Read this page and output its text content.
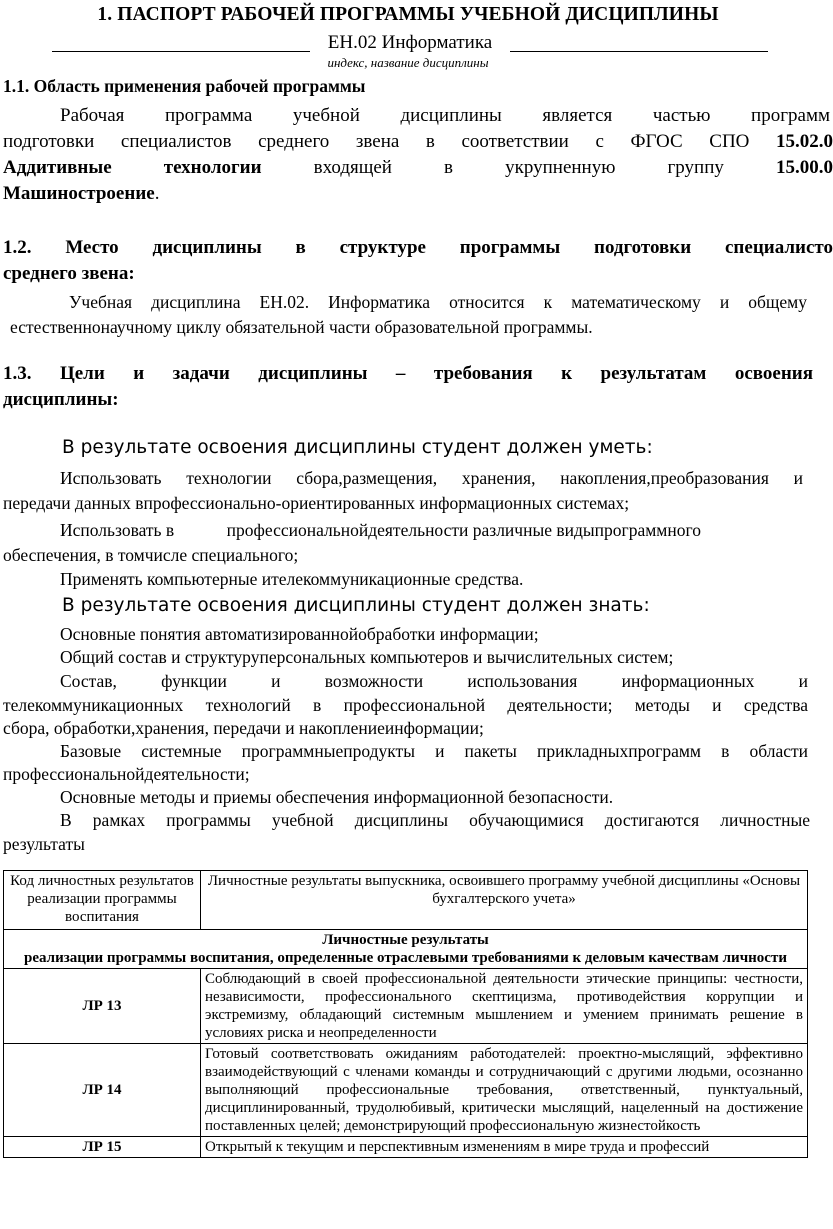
1. ПАСПОРТ РАБОЧЕЙ ПРОГРАММЫ УЧЕБНОЙ ДИСЦИПЛИНЫ
ЕН.02 Информатика
индекс, название дисциплины
1.1. Область применения рабочей программы
Рабочая программа учебной дисциплины является частью программ
подготовки специалистов среднего звена в соответствии с ФГОС СПО 15.02.0
Аддитивные технологии входящей в укрупненную группу 15.00.0
Машиностроение.
1.2. Место дисциплины в структуре программы подготовки специалисто
среднего звена:
Учебная дисциплина ЕН.02. Информатика относится к математическому и общему
естественнонаучному циклу обязательной части образовательной программы.
1.3. Цели и задачи дисциплины – требования к результатам освоения
дисциплины:
В результате освоения дисциплины студент должен уметь:
Использовать технологии сбора,размещения, хранения, накопления,преобразования и
передачи данных впрофессионально-ориентированных информационных системах;
Использовать в            профессиональнойдеятельности различные видыпрограммного
обеспечения, в томчисле специального;
Применять компьютерные ителекоммуникационные средства.
В результате освоения дисциплины студент должен знать:
Основные понятия автоматизированнойобработки информации;
Общий состав и структуруперсональных компьютеров и вычислительных систем;
Состав, функции и возможности использования информационных и
телекоммуникационных технологий в профессиональной деятельности; методы и средства
сбора, обработки,хранения, передачи и накоплениеинформации;
Базовые системные программныепродукты и пакеты прикладныхпрограмм в области
профессиональнойдеятельности;
Основные методы и приемы обеспечения информационной безопасности.
В рамках программы учебной дисциплины обучающимися достигаются личностные
результаты
Код личностных результатов реализации программы воспитания	Личностные результаты выпускника, освоившего программу учебной дисциплины «Основы бухгалтерского учета»

Личностные результаты
реализации программы воспитания, определенные отраслевыми требованиями к деловым качествам личности	

ЛР 13	Соблюдающий в своей профессиональной деятельности этические принципы: честности, независимости, профессионального скептицизма, противодействия коррупции и экстремизму, обладающий системным мышлением и умением принимать решение в условиях риска и неопределенности
ЛР 14	Готовый соответствовать ожиданиям работодателей: проектно-мыслящий, эффективно взаимодействующий с членами команды и сотрудничающий с другими людьми, осознанно выполняющий профессиональные требования, ответственный, пунктуальный, дисциплинированный, трудолюбивый, критически мыслящий, нацеленный на достижение поставленных целей; демонстрирующий профессиональную жизнестойкость
ЛР 15	Открытый к текущим и перспективным изменениям в мире труда и профессий
